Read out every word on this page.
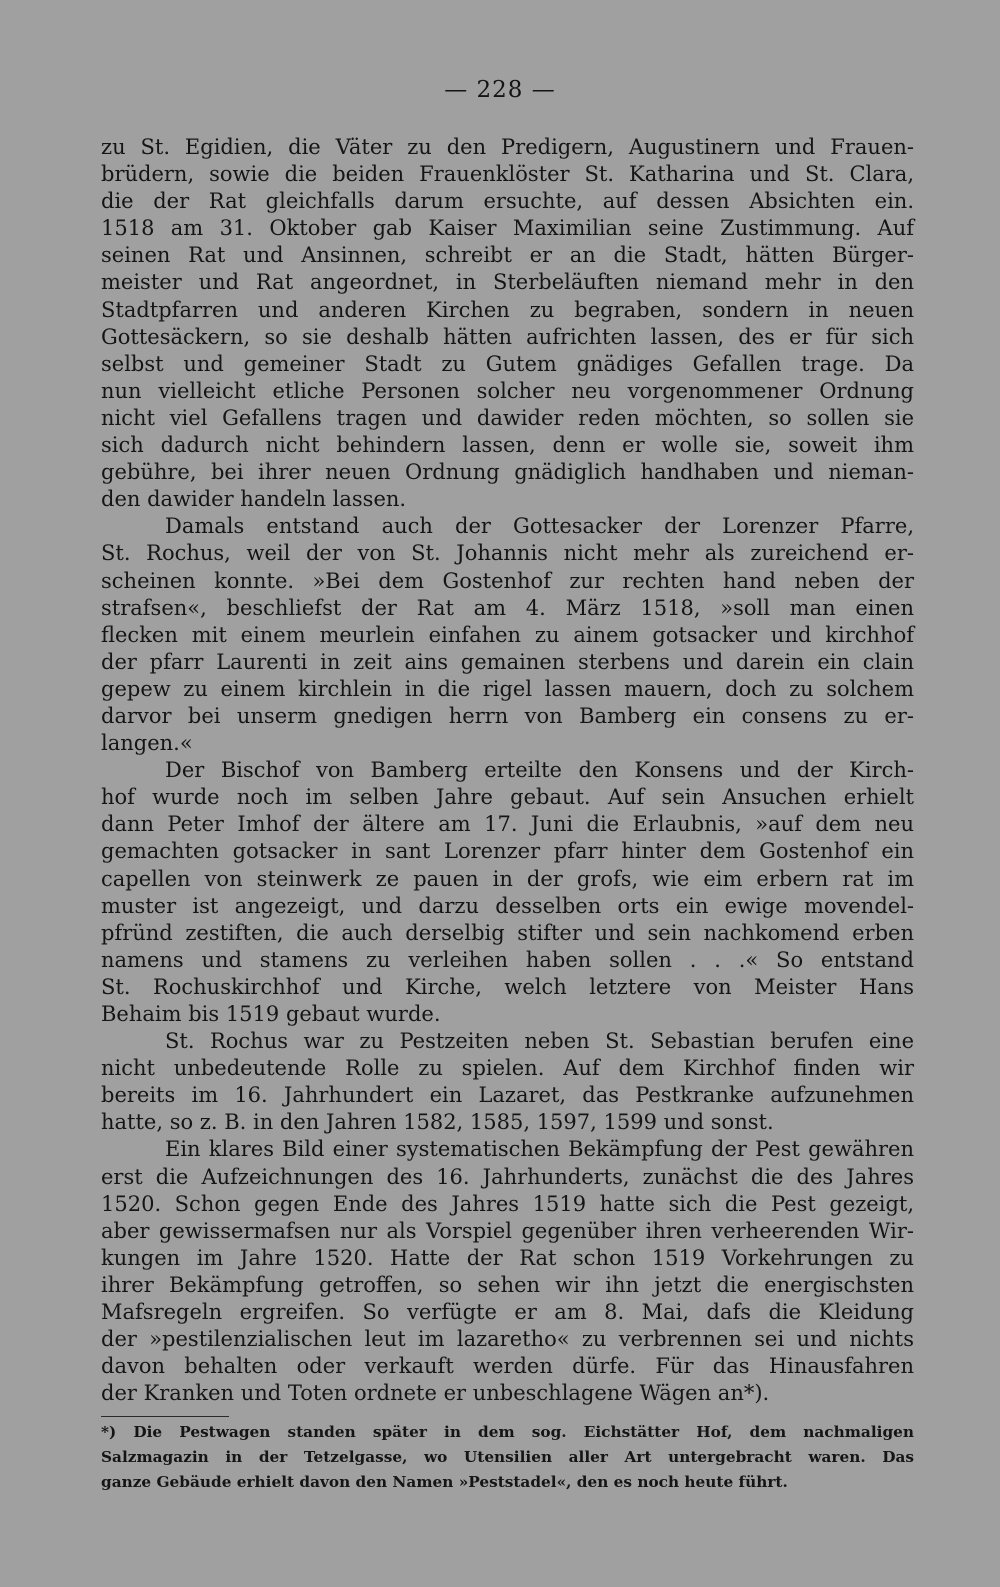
— 228 —

zu St. Egidien, die Väter zu den Predigern, Augustinern und Frauen-

brüdern, sowie die beiden Frauenklöster St. Katharina und St. Clara,

die der Rat gleichfalls darum ersuchte, auf dessen Absichten ein.

1518 am 31. Oktober gab Kaiser Maximilian seine Zustimmung. Auf

seinen Rat und Ansinnen, schreibt er an die Stadt, hätten Bürger-

meister und Rat angeordnet, in Sterbeläuften niemand mehr in den

Stadtpfarren und anderen Kirchen zu begraben, sondern in neuen

Gottesäckern, so sie deshalb hätten aufrichten lassen, des er für sich

selbst und gemeiner Stadt zu Gutem gnädiges Gefallen trage. Da

nun vielleicht etliche Personen solcher neu vorgenommener Ordnung

nicht viel Gefallens tragen und dawider reden möchten, so sollen sie

sich dadurch nicht behindern lassen, denn er wolle sie, soweit ihm

gebühre, bei ihrer neuen Ordnung gnädiglich handhaben und nieman-

den dawider handeln lassen.

Damals entstand auch der Gottesacker der Lorenzer Pfarre,

St. Rochus, weil der von St. Johannis nicht mehr als zureichend er-

scheinen konnte. »Bei dem Gostenhof zur rechten hand neben der

strafsen«, beschliefst der Rat am 4. März 1518, »soll man einen

flecken mit einem meurlein einfahen zu ainem gotsacker und kirchhof

der pfarr Laurenti in zeit ains gemainen sterbens und darein ein clain

gepew zu einem kirchlein in die rigel lassen mauern, doch zu solchem

darvor bei unserm gnedigen herrn von Bamberg ein consens zu er-

langen.«

Der Bischof von Bamberg erteilte den Konsens und der Kirch-

hof wurde noch im selben Jahre gebaut. Auf sein Ansuchen erhielt

dann Peter Imhof der ältere am 17. Juni die Erlaubnis, »auf dem neu

gemachten gotsacker in sant Lorenzer pfarr hinter dem Gostenhof ein

capellen von steinwerk ze pauen in der grofs, wie eim erbern rat im

muster ist angezeigt, und darzu desselben orts ein ewige movendel-

pfründ zestiften, die auch derselbig stifter und sein nachkomend erben

namens und stamens zu verleihen haben sollen . . .« So entstand

St. Rochuskirchhof und Kirche, welch letztere von Meister Hans

Behaim bis 1519 gebaut wurde.

St. Rochus war zu Pestzeiten neben St. Sebastian berufen eine

nicht unbedeutende Rolle zu spielen. Auf dem Kirchhof finden wir

bereits im 16. Jahrhundert ein Lazaret, das Pestkranke aufzunehmen

hatte, so z. B. in den Jahren 1582, 1585, 1597, 1599 und sonst.

Ein klares Bild einer systematischen Bekämpfung der Pest gewähren

erst die Aufzeichnungen des 16. Jahrhunderts, zunächst die des Jahres

1520. Schon gegen Ende des Jahres 1519 hatte sich die Pest gezeigt,

aber gewissermafsen nur als Vorspiel gegenüber ihren verheerenden Wir-

kungen im Jahre 1520. Hatte der Rat schon 1519 Vorkehrungen zu

ihrer Bekämpfung getroffen, so sehen wir ihn jetzt die energischsten

Mafsregeln ergreifen. So verfügte er am 8. Mai, dafs die Kleidung

der »pestilenzialischen leut im lazaretho« zu verbrennen sei und nichts

davon behalten oder verkauft werden dürfe. Für das Hinausfahren

der Kranken und Toten ordnete er unbeschlagene Wägen an*).

*) Die Pestwagen standen später in dem sog. Eichstätter Hof, dem nachmaligen

Salzmagazin in der Tetzelgasse, wo Utensilien aller Art untergebracht waren. Das

ganze Gebäude erhielt davon den Namen »Peststadel«, den es noch heute führt.
